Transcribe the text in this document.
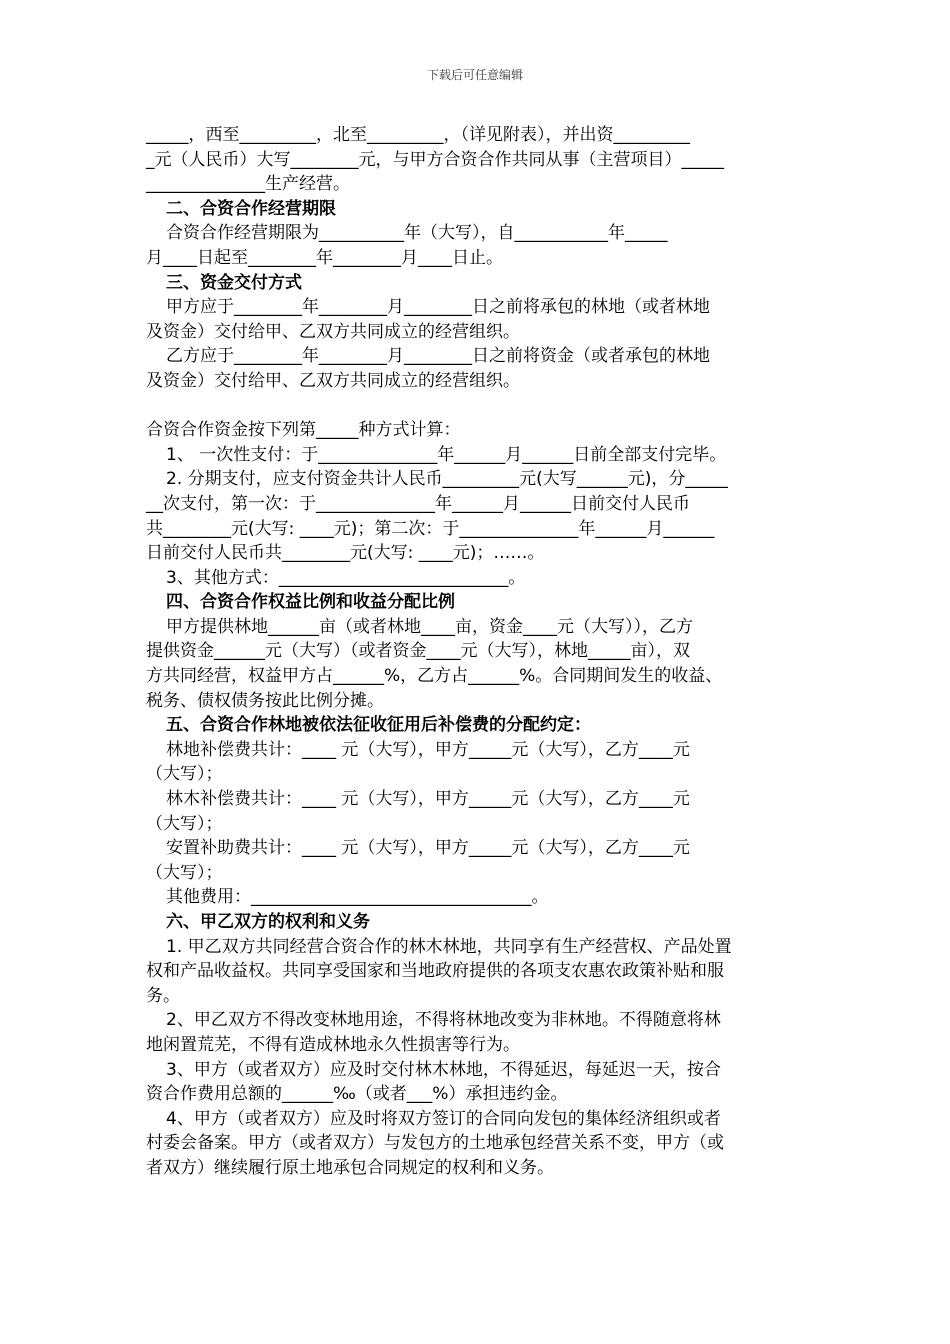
下载后可任意编辑
_____，西至_________，北至_________，（详见附表），并出资_________
_元（人民币）大写________元，与甲方合资合作共同从事（主营项目）_____
______________生产经营。
二、合资合作经营期限
合资合作经营期限为__________年（大写），自___________年_____
月____日起至________年________月____日止。
三、资金交付方式
甲方应于________年________月________日之前将承包的林地（或者林地
及资金）交付给甲、乙双方共同成立的经营组织。
乙方应于________年________月________日之前将资金（或者承包的林地
及资金）交付给甲、乙双方共同成立的经营组织。
合资合作资金按下列第_____种方式计算：
1、 一次性支付：于______________年______月______日前全部支付完毕。
2. 分期支付，应支付资金共计人民币_________元(大写______元)，分_____
__次支付，第一次：于______________年______月______日前交付人民币
共________元(大写: ____元)；第二次：于______________年______月______
日前交付人民币共________元(大写: ____元)；……。
3、其他方式：___________________________。
四、合资合作权益比例和收益分配比例
甲方提供林地______亩（或者林地____亩，资金____元（大写）），乙方
提供资金______元（大写）（或者资金____元（大写），林地_____亩），双
方共同经营，权益甲方占______%，乙方占______%。合同期间发生的收益、
税务、债权债务按此比例分摊。
五、合资合作林地被依法征收征用后补偿费的分配约定：
林地补偿费共计：____ 元（大写），甲方_____元（大写），乙方____元
（大写）；
林木补偿费共计：____ 元（大写），甲方_____元（大写），乙方____元
（大写）；
安置补助费共计：____ 元（大写），甲方_____元（大写），乙方____元
（大写）；
其他费用：_________________________________。
六、甲乙双方的权利和义务
1. 甲乙双方共同经营合资合作的林木林地，共同享有生产经营权、产品处置
权和产品收益权。共同享受国家和当地政府提供的各项支农惠农政策补贴和服
务。
2、甲乙双方不得改变林地用途，不得将林地改变为非林地。不得随意将林
地闲置荒芜，不得有造成林地永久性损害等行为。
3、甲方（或者双方）应及时交付林木林地，不得延迟，每延迟一天，按合
资合作费用总额的______‰（或者___%）承担违约金。
4、甲方（或者双方）应及时将双方签订的合同向发包的集体经济组织或者
村委会备案。甲方（或者双方）与发包方的土地承包经营关系不变，甲方（或
者双方）继续履行原土地承包合同规定的权利和义务。
